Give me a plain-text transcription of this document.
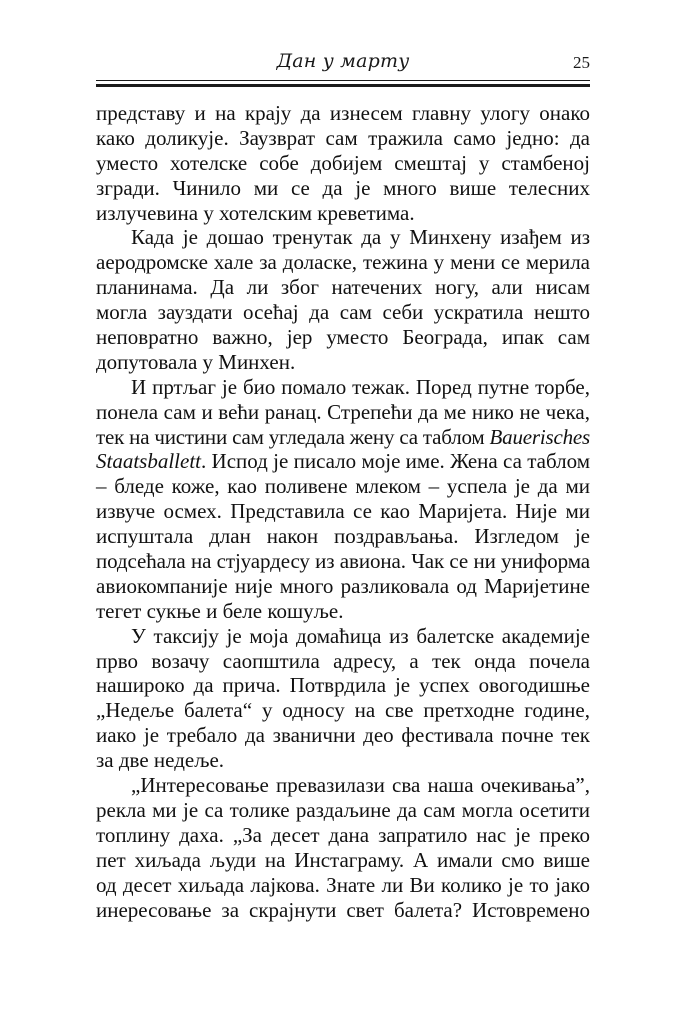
Дан у марту	25
представу и на крају да изнесем главну улогу онако
како доликује. Заузврат сам тражила само једно: да
уместо хотелске собе добијем смештај у стамбеној
згради. Чинило ми се да је много више телесних
излучевина у хотелским креветима.
Када је дошао тренутак да у Минхену изађем из
аеродромске хале за доласке, тежина у мени се мерила
планинама. Да ли због натечених ногу, али нисам
могла зауздати осећај да сам себи ускратила нешто
неповратно важно, јер уместо Београда, ипак сам
допутовала у Минхен.
И пртљаг је био помало тежак. Поред путне торбе,
понела сам и већи ранац. Стрепећи да ме нико не чека,
тек на чистини сам угледала жену са таблом Bauerisches
Staatsballett. Испод је писало моје име. Жена са таблом
– бледе коже, као поливене млеком – успела је да ми
извуче осмех. Представила се као Маријета. Није ми
испуштала длан након поздрављања. Изгледом је
подсећала на стјуардесу из авиона. Чак се ни униформа
авиокомпаније није много разликовала од Маријетине
тегет сукње и беле кошуље.
У таксију је моја домаћица из балетске академије
прво возачу саопштила адресу, а тек онда почела
нашироко да прича. Потврдила је успех овогодишње
„Недеље балета“ у односу на све претходне године,
иако је требало да званични део фестивала почне тек
за две недеље.
„Интересовање превазилази сва наша очекивања”,
рекла ми је са толике раздаљине да сам могла осетити
топлину даха. „За десет дана запратило нас је преко
пет хиљада људи на Инстаграму. А имали смо више
од десет хиљада лајкова. Знате ли Ви колико је то јако
инересовање за скрајнути свет балета? Истовремено
